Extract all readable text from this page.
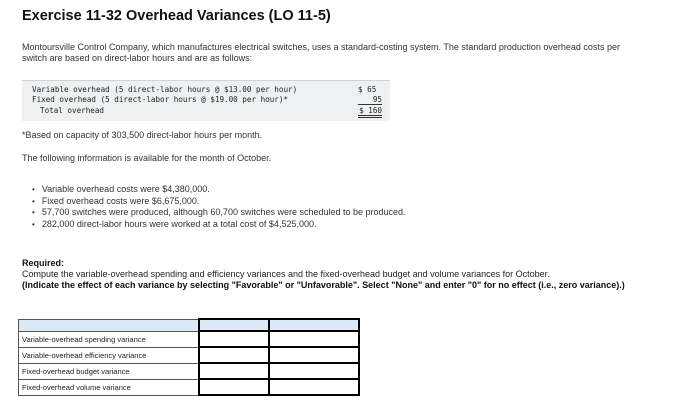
Exercise 11-32 Overhead Variances (LO 11-5)
Montoursville Control Company, which manufactures electrical switches, uses a standard-costing system. The standard production overhead costs per switch are based on direct-labor hours and are as follows:
Variable overhead (5 direct-labor hours @ $13.00 per hour)	$ 65
Fixed overhead (5 direct-labor hours @ $19.00 per hour)*	95
Total overhead	$ 160
*Based on capacity of 303,500 direct-labor hours per month.
The following information is available for the month of October.
• Variable overhead costs were $4,380,000.
• Fixed overhead costs were $6,675,000.
• 57,700 switches were produced, although 60,700 switches were scheduled to be produced.
• 282,000 direct-labor hours were worked at a total cost of $4,525,000.
Required:
Compute the variable-overhead spending and efficiency variances and the fixed-overhead budget and volume variances for October.
(Indicate the effect of each variance by selecting "Favorable" or "Unfavorable". Select "None" and enter "0" for no effect (i.e., zero variance).)

Variable-overhead spending variance		
Variable-overhead efficiency variance		
Fixed-overhead budget variance		
Fixed-overhead volume variance		
